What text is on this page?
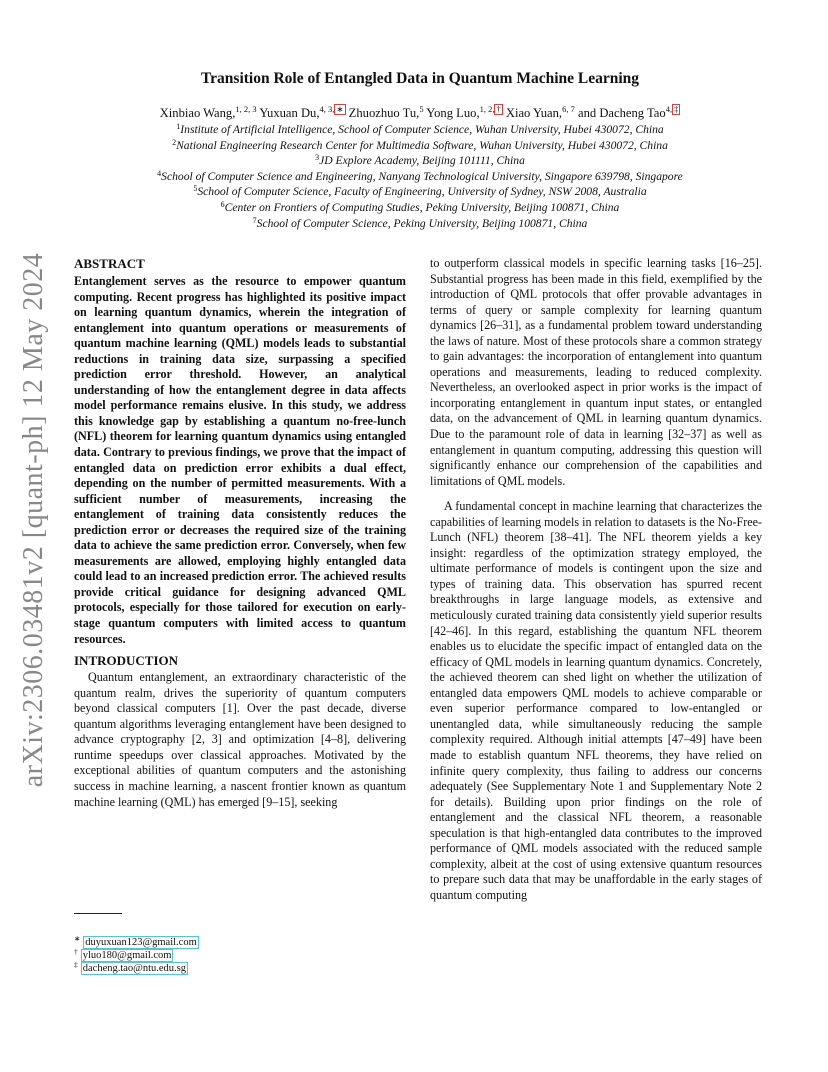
arXiv:2306.03481v2 [quant-ph] 12 May 2024
Transition Role of Entangled Data in Quantum Machine Learning
Xinbiao Wang,$^{1, 2, 3}$ Yuxuan Du,$^{4, 3,}$ ∗ Zhuozhuo Tu,$^5$ Yong Luo,$^{1, 2,}$ † Xiao Yuan,$^{6, 7}$ and Dacheng Tao$^{4,}$ ‡
$^1$Institute of Artificial Intelligence, School of Computer Science, Wuhan University, Hubei 430072, China
$^2$National Engineering Research Center for Multimedia Software, Wuhan University, Hubei 430072, China
$^3$JD Explore Academy, Beijing 101111, China
$^4$School of Computer Science and Engineering, Nanyang Technological University, Singapore 639798, Singapore
$^5$School of Computer Science, Faculty of Engineering, University of Sydney, NSW 2008, Australia
$^6$Center on Frontiers of Computing Studies, Peking University, Beijing 100871, China
$^7$School of Computer Science, Peking University, Beijing 100871, China
ABSTRACT

Entanglement serves as the resource to empower quantum computing. Recent progress has highlighted its positive impact on learning quantum dynamics, wherein the integration of entanglement into quantum operations or measurements of quantum machine learning (QML) models leads to substantial reductions in training data size, surpassing a specified prediction error threshold. However, an analytical understanding of how the entanglement degree in data affects model performance remains elusive. In this study, we address this knowledge gap by establishing a quantum no-free-lunch (NFL) theorem for learning quantum dynamics using entangled data. Contrary to previous findings, we prove that the impact of entangled data on prediction error exhibits a dual effect, depending on the number of permitted measurements. With a sufficient number of measurements, increasing the entanglement of training data consistently reduces the prediction error or decreases the required size of the training data to achieve the same prediction error. Conversely, when few measurements are allowed, employing highly entangled data could lead to an increased prediction error. The achieved results provide critical guidance for designing advanced QML protocols, especially for those tailored for execution on early-stage quantum computers with limited access to quantum resources.

INTRODUCTION

Quantum entanglement, an extraordinary characteristic of the quantum realm, drives the superiority of quantum computers beyond classical computers [1]. Over the past decade, diverse quantum algorithms leveraging entanglement have been designed to advance cryptography [2, 3] and optimization [4–8], delivering runtime speedups over classical approaches. Motivated by the exceptional abilities of quantum computers and the astonishing success in machine learning, a nascent frontier known as quantum machine learning (QML) has emerged [9–15], seeking

to outperform classical models in specific learning tasks [16–25]. Substantial progress has been made in this field, exemplified by the introduction of QML protocols that offer provable advantages in terms of query or sample complexity for learning quantum dynamics [26–31], as a fundamental problem toward understanding the laws of nature. Most of these protocols share a common strategy to gain advantages: the incorporation of entanglement into quantum operations and measurements, leading to reduced complexity. Nevertheless, an overlooked aspect in prior works is the impact of incorporating entanglement in quantum input states, or entangled data, on the advancement of QML in learning quantum dynamics. Due to the paramount role of data in learning [32–37] as well as entanglement in quantum computing, addressing this question will significantly enhance our comprehension of the capabilities and limitations of QML models.

A fundamental concept in machine learning that characterizes the capabilities of learning models in relation to datasets is the No-Free-Lunch (NFL) theorem [38–41]. The NFL theorem yields a key insight: regardless of the optimization strategy employed, the ultimate performance of models is contingent upon the size and types of training data. This observation has spurred recent breakthroughs in large language models, as extensive and meticulously curated training data consistently yield superior results [42–46]. In this regard, establishing the quantum NFL theorem enables us to elucidate the specific impact of entangled data on the efficacy of QML models in learning quantum dynamics. Concretely, the achieved theorem can shed light on whether the utilization of entangled data empowers QML models to achieve comparable or even superior performance compared to low-entangled or unentangled data, while simultaneously reducing the sample complexity required. Although initial attempts [47–49] have been made to establish quantum NFL theorems, they have relied on infinite query complexity, thus failing to address our concerns adequately (See Supplementary Note 1 and Supplementary Note 2 for details). Building upon prior findings on the role of entanglement and the classical NFL theorem, a reasonable speculation is that high-entangled data contributes to the improved performance of QML models associated with the reduced sample complexity, albeit at the cost of using extensive quantum resources to prepare such data that may be unaffordable in the early stages of quantum computing

∗ duyuxuan123@gmail.com
† yluo180@gmail.com
‡ dacheng.tao@ntu.edu.sg
